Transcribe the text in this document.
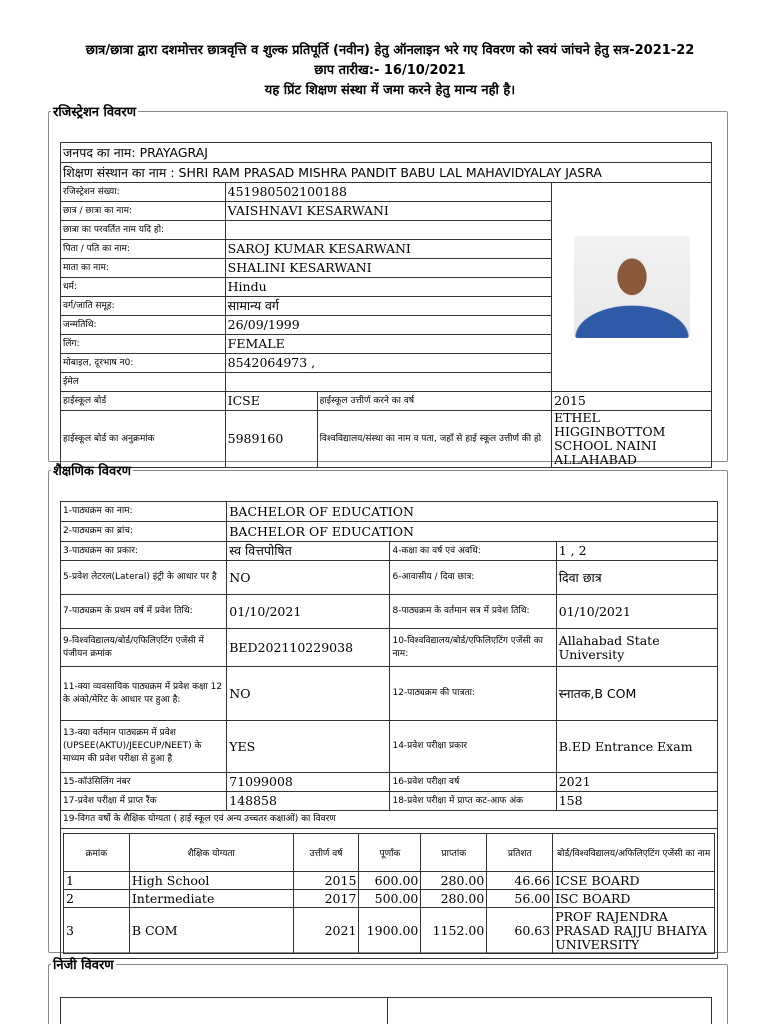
छात्र/छात्रा द्वारा दशमोत्तर छात्रवृत्ति व शुल्क प्रतिपूर्ति (नवीन) हेतु ऑनलाइन भरे गए विवरण को स्वयं जांचने हेतु सत्र-2021-22
छाप तारीख:- 16/10/2021
यह प्रिंट शिक्षण संस्था में जमा करने हेतु मान्य नही है।
रजिस्ट्रेशन विवरण
जनपद का नाम: PRAYAGRAJ			
शिक्षण संस्थान का नाम : SHRI RAM PRASAD MISHRA PANDIT BABU LAL MAHAVIDYALAY JASRA			
रजिस्ट्रेशन संख्या:	451980502100188		

छात्र / छात्रा का नाम:	VAISHNAVI KESARWANI		
छात्रा का परवर्तित नाम यदि हो:			
पिता / पति का नाम:	SAROJ KUMAR KESARWANI		
माता का नाम:	SHALINI KESARWANI		
धर्म:	Hindu		
वर्ग/जाति समूह:	सामान्य वर्ग		
जन्मतिथि:	26/09/1999		
लिंग:	FEMALE		
मोबाइल, दूरभाष न0:	8542064973 ,		
ईमेल			
हाईस्कूल बोर्ड	ICSE	हाईस्कूल उत्तीर्ण करने का वर्ष	2015
हाईस्कूल बोर्ड का अनुक्रमांक	5989160	विश्वविद्यालय/संस्था का नाम व पता, जहाँ से हाई स्कूल उत्तीर्ण की हो	ETHEL HIGGINBOTTOM SCHOOL NAINI ALLAHABAD
शैक्षणिक विवरण
1-पाठ्यक्रम का नाम:	BACHELOR OF EDUCATION
2-पाठ्यक्रम का ब्रांच:	BACHELOR OF EDUCATION
3-पाठ्यक्रम का प्रकार:	स्व वित्तपोषित	4-कक्षा का वर्ष एवं अवधि:	1 , 2
5-प्रवेश लेटरल(Lateral) इंट्री के आधार पर है	NO	6-आवासीय / दिवा छात्र:	दिवा छात्र
7-पाठ्यक्रम के प्रथम वर्ष में प्रवेश तिथि:	01/10/2021	8-पाठ्यक्रम के वर्तमान सत्र में प्रवेश तिथि:	01/10/2021
9-विश्वविद्यालय/बोर्ड/एफिलिएटिंग एजेंसी में पंजीयन क्रमांक	BED202110229038	10-विश्वविद्यालय/बोर्ड/एफिलिएटिंग एजेंसी का नाम:	Allahabad State University
11-क्या व्यवसायिक पाठ्यक्रम में प्रवेश कक्षा 12 के अंको/मेरिट के आधार पर हुआ है:	NO	12-पाठ्यक्रम की पात्रता:	स्नातक,B COM
13-क्या वर्तमान पाठ्यक्रम में प्रवेश (UPSEE(AKTU)/JEECUP/NEET) के माध्यम की प्रवेश परीक्षा से हुआ है	YES	14-प्रवेश परीक्षा प्रकार	B.ED Entrance Exam
15-कॉउंसिलिंग नंबर	71099008	16-प्रवेश परीक्षा वर्ष	2021
17-प्रवेश परीक्षा में प्राप्त रैंक	148858	18-प्रवेश परीक्षा में प्राप्त कट-आफ अंक	158
19-विगत वर्षो के शैक्षिक योग्यता ( हाई स्कूल एवं अन्य उच्चतर कक्षाओं) का विवरण

क्रमांक	शैक्षिक योग्यता	उत्तीर्ण वर्ष	पूर्णांक	प्राप्तांक	प्रतिशत	बोर्ड/विश्वविद्यालय/अफिलिएटिंग एजेंसी का नाम
1	High School	2015	600.00	280.00	46.66	ICSE BOARD
2	Intermediate	2017	500.00	280.00	56.00	ISC BOARD
3	B COM	2021	1900.00	1152.00	60.63	PROF RAJENDRA PRASAD RAJJU BHAIYA UNIVERSITY
निजी विवरण
